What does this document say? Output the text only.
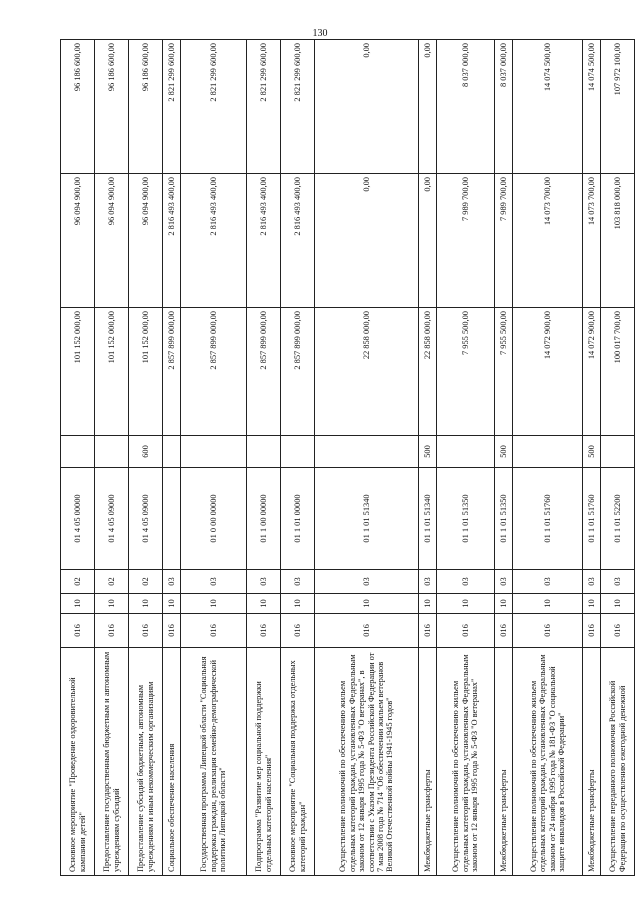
130
Основное мероприятие "Проведение оздоровительной кампании детей"	016	10	02	01 4 05 00000		101 152 000,00	96 094 900,00	96 186 600,00
Предоставление государственным бюджетным и автономным учреждениям субсидий	016	10	02	01 4 05 09000		101 152 000,00	96 094 900,00	96 186 600,00
Предоставление субсидий бюджетным, автономным учреждениям и иным некоммерческим организациям	016	10	02	01 4 05 09000	600	101 152 000,00	96 094 900,00	96 186 600,00
Социальное обеспечение населения	016	10	03			2 857 899 000,00	2 816 493 400,00	2 821 299 600,00
Государственная программа Липецкой области "Социальная поддержка граждан, реализация семейно-демографической политики Липецкой области"	016	10	03	01 0 00 00000		2 857 899 000,00	2 816 493 400,00	2 821 299 600,00
Подпрограмма "Развитие мер социальной поддержки отдельных категорий населения"	016	10	03	01 1 00 00000		2 857 899 000,00	2 816 493 400,00	2 821 299 600,00
Основное мероприятие "Социальная поддержка отдельных категорий граждан"	016	10	03	01 1 01 00000		2 857 899 000,00	2 816 493 400,00	2 821 299 600,00
Осуществление полномочий по обеспечению жильем отдельных категорий граждан, установленных Федеральным законом от 12 января 1995 года № 5-ФЗ "О ветеранах", в соответствии с Указом Президента Российской Федерации от 7 мая 2008 года № 714 "Об обеспечении жильем ветеранов Великой Отечественной войны 1941-1945 годов"	016	10	03	01 1 01 51340		22 858 000,00	0,00	0,00
Межбюджетные трансферты	016	10	03	01 1 01 51340	500	22 858 000,00	0,00	0,00
Осуществление полномочий по обеспечению жильем отдельных категорий граждан, установленных Федеральным законом от 12 января 1995 года № 5-ФЗ "О ветеранах"	016	10	03	01 1 01 51350		7 955 500,00	7 989 700,00	8 037 000,00
Межбюджетные трансферты	016	10	03	01 1 01 51350	500	7 955 500,00	7 989 700,00	8 037 000,00
Осуществление полномочий по обеспечению жильем отдельных категорий граждан, установленных Федеральным законом от 24 ноября 1995 года № 181-ФЗ "О социальной защите инвалидов в Российской Федерации"	016	10	03	01 1 01 51760		14 072 900,00	14 073 700,00	14 074 500,00
Межбюджетные трансферты	016	10	03	01 1 01 51760	500	14 072 900,00	14 073 700,00	14 074 500,00
Осуществление переданного полномочия Российской Федерации по осуществлению ежегодной денежной	016	10	03	01 1 01 52200		100 017 700,00	103 818 000,00	107 972 100,00
